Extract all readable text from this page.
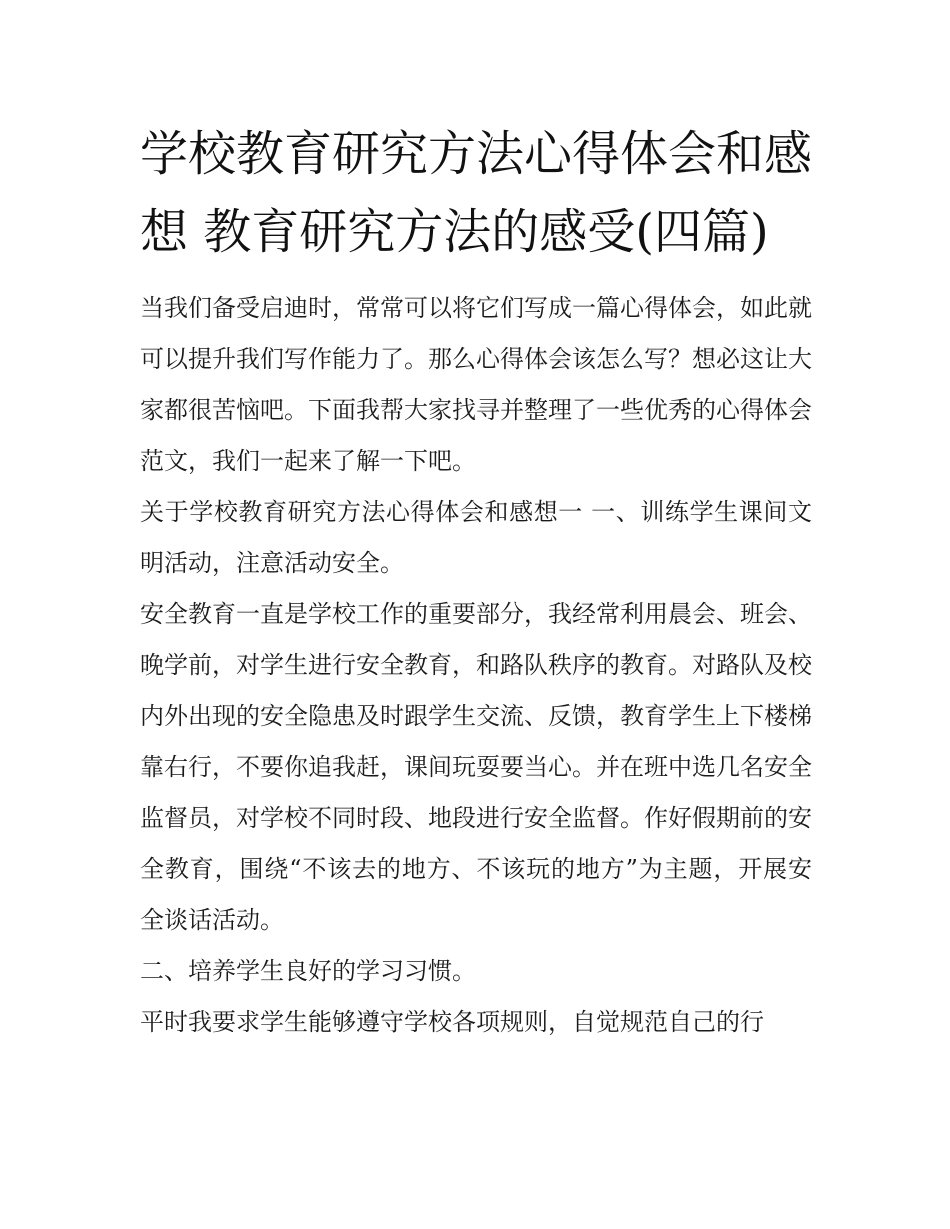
学校教育研究方法心得体会和感想 教育研究方法的感受(四篇)

当我们备受启迪时，常常可以将它们写成一篇心得体会，如此就可以提升我们写作能力了。那么心得体会该怎么写？想必这让大家都很苦恼吧。下面我帮大家找寻并整理了一些优秀的心得体会范文，我们一起来了解一下吧。

关于学校教育研究方法心得体会和感想一 一、训练学生课间文明活动，注意活动安全。

安全教育一直是学校工作的重要部分，我经常利用晨会、班会、晚学前，对学生进行安全教育，和路队秩序的教育。对路队及校内外出现的安全隐患及时跟学生交流、反馈，教育学生上下楼梯靠右行，不要你追我赶，课间玩耍要当心。并在班中选几名安全监督员，对学校不同时段、地段进行安全监督。作好假期前的安全教育，围绕“不该去的地方、不该玩的地方”为主题，开展安全谈话活动。

二、培养学生良好的学习习惯。

平时我要求学生能够遵守学校各项规则，自觉规范自己的行
